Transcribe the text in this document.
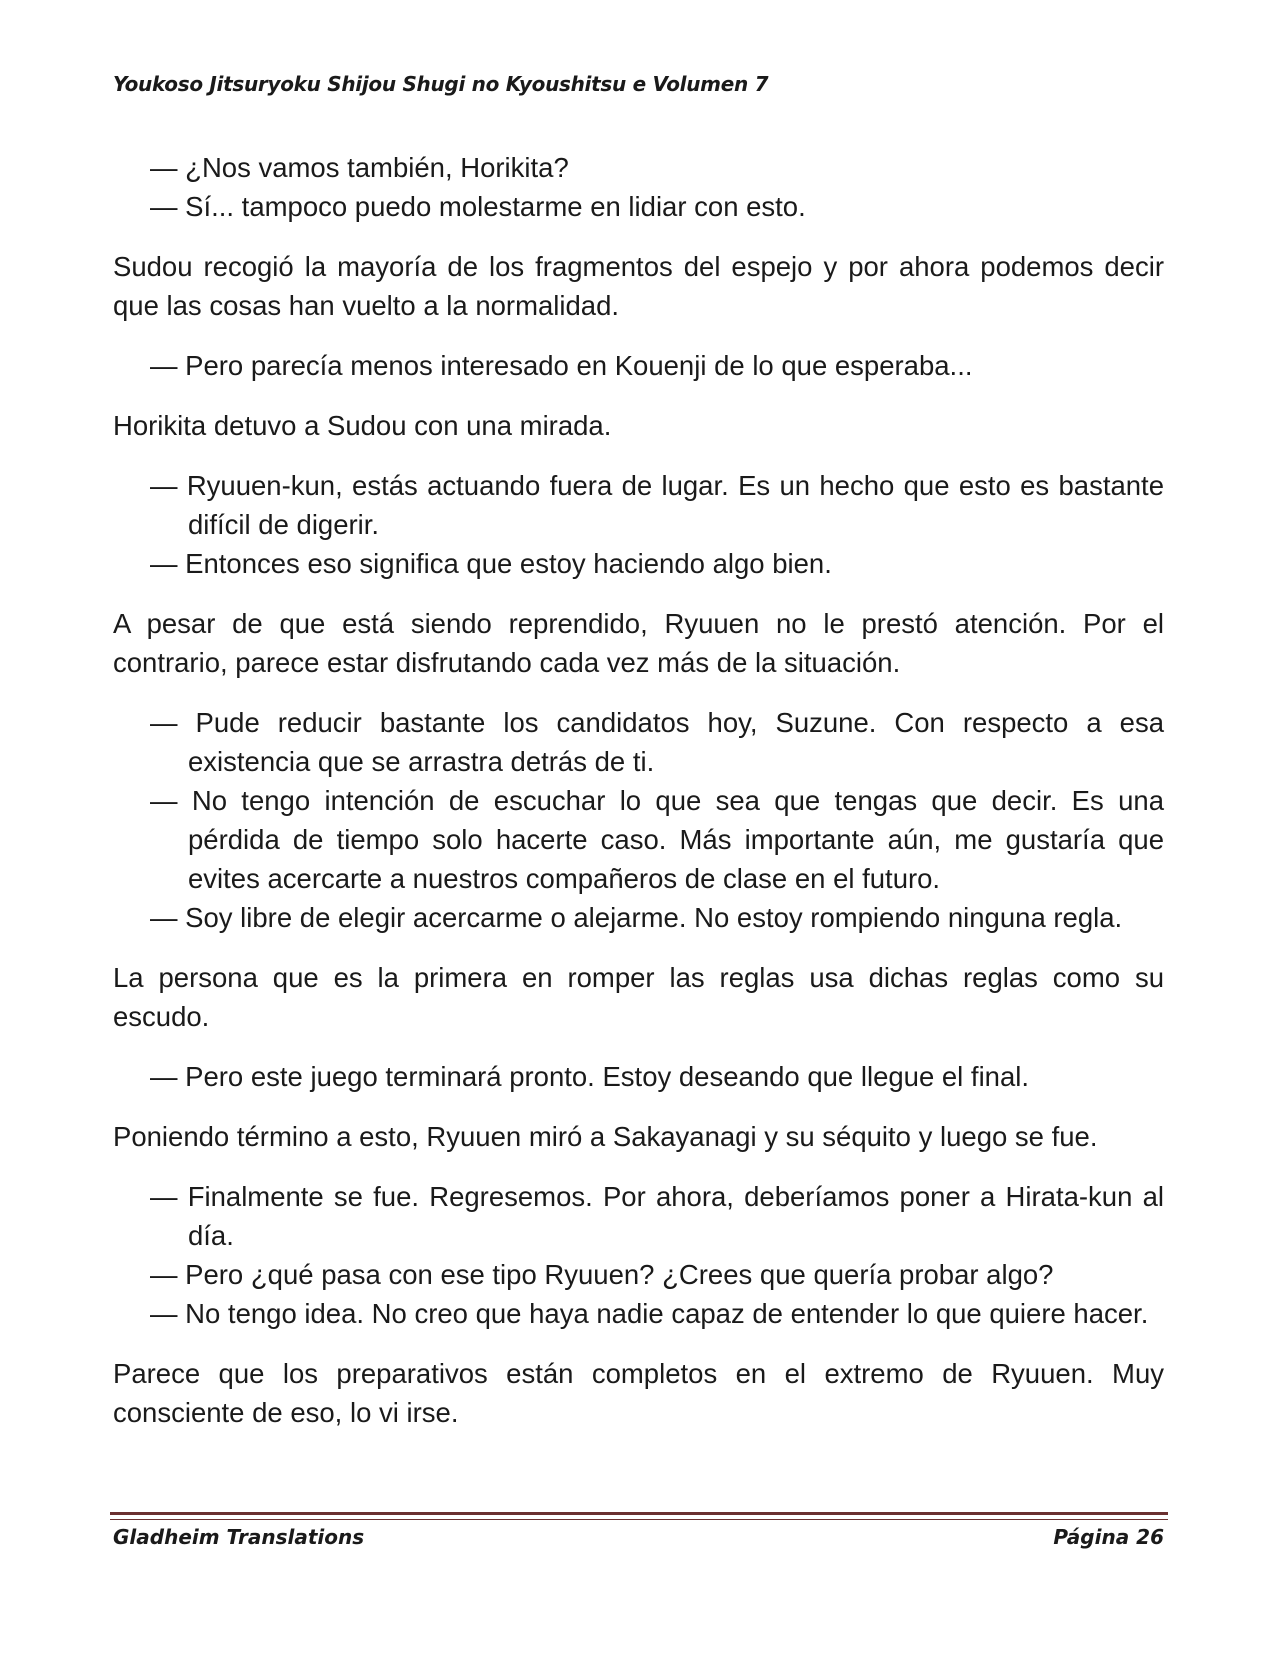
Youkoso Jitsuryoku Shijou Shugi no Kyoushitsu e Volumen 7

— ¿Nos vamos también, Horikita?

— Sí... tampoco puedo molestarme en lidiar con esto.

Sudou recogió la mayoría de los fragmentos del espejo y por ahora podemos decir que las cosas han vuelto a la normalidad.

— Pero parecía menos interesado en Kouenji de lo que esperaba...

Horikita detuvo a Sudou con una mirada.

— Ryuuen-kun, estás actuando fuera de lugar. Es un hecho que esto es bastante difícil de digerir.

— Entonces eso significa que estoy haciendo algo bien.

A pesar de que está siendo reprendido, Ryuuen no le prestó atención. Por el contrario, parece estar disfrutando cada vez más de la situación.

— Pude reducir bastante los candidatos hoy, Suzune. Con respecto a esa existencia que se arrastra detrás de ti.

— No tengo intención de escuchar lo que sea que tengas que decir. Es una pérdida de tiempo solo hacerte caso. Más importante aún, me gustaría que evites acercarte a nuestros compañeros de clase en el futuro.

— Soy libre de elegir acercarme o alejarme. No estoy rompiendo ninguna regla.

La persona que es la primera en romper las reglas usa dichas reglas como su escudo.

— Pero este juego terminará pronto. Estoy deseando que llegue el final.

Poniendo término a esto, Ryuuen miró a Sakayanagi y su séquito y luego se fue.

— Finalmente se fue. Regresemos. Por ahora, deberíamos poner a Hirata-kun al día.

— Pero ¿qué pasa con ese tipo Ryuuen? ¿Crees que quería probar algo?

— No tengo idea. No creo que haya nadie capaz de entender lo que quiere hacer.

Parece que los preparativos están completos en el extremo de Ryuuen. Muy consciente de eso, lo vi irse.

Gladheim Translations	Página 26
